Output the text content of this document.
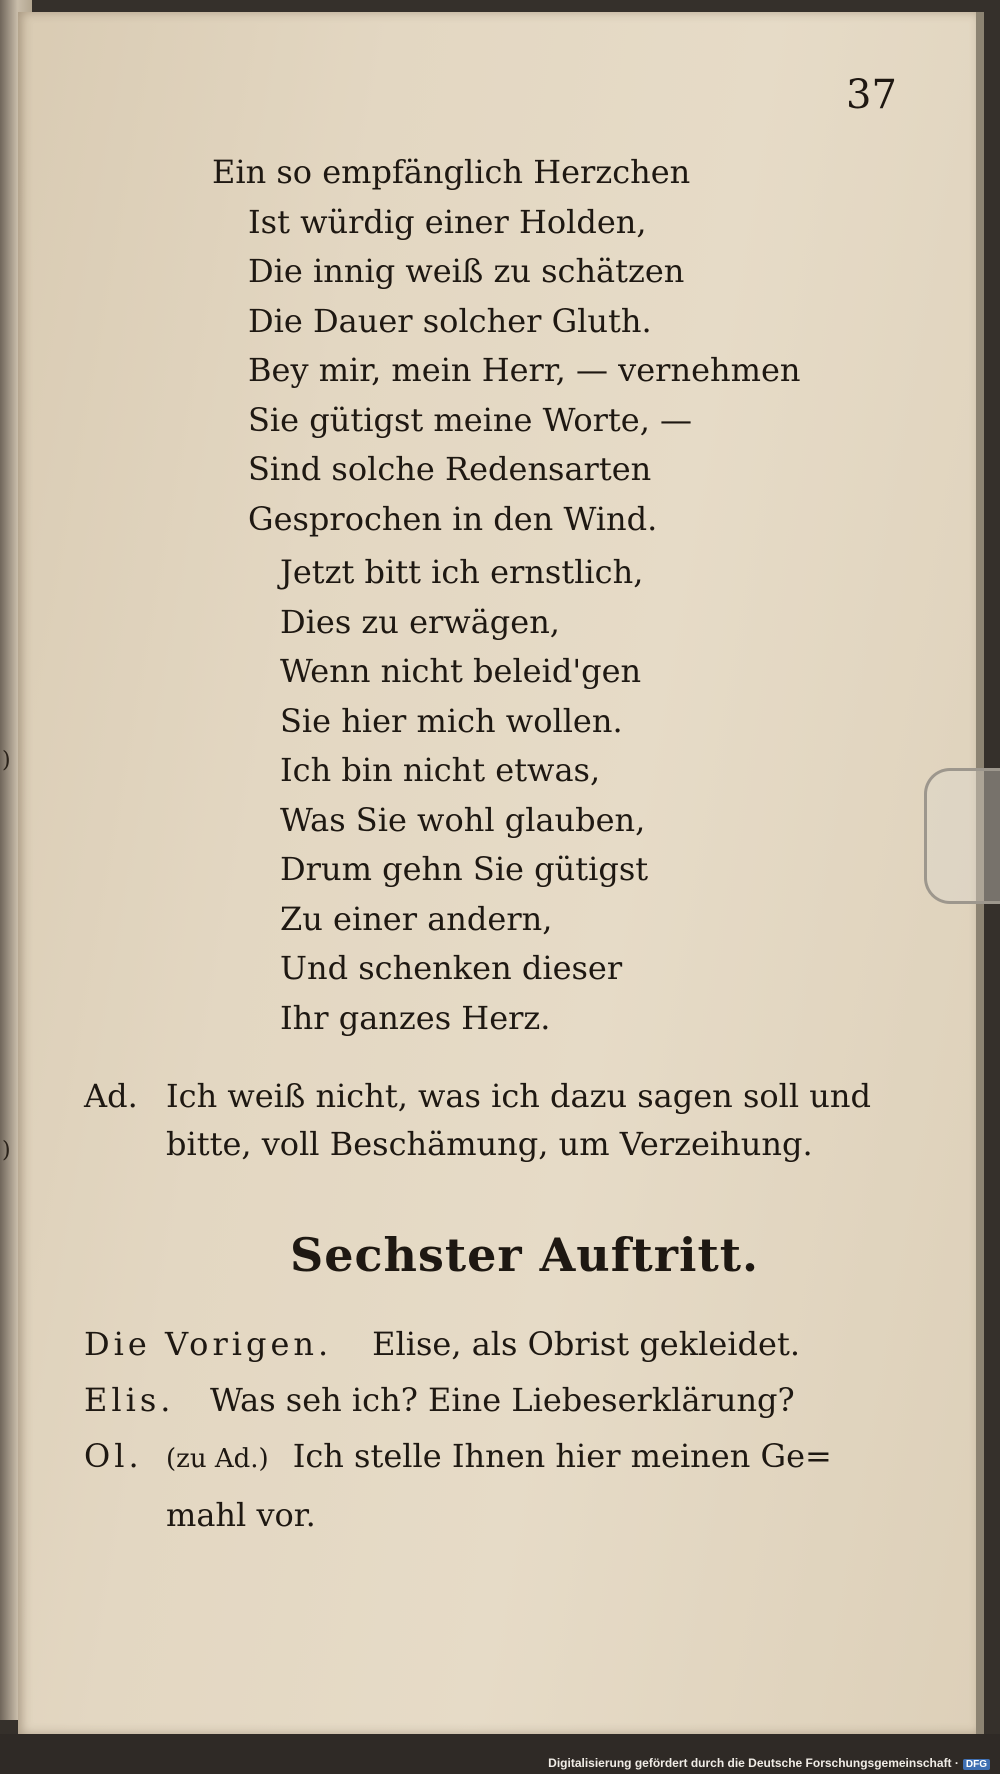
)
)
37
Ein so empfänglich Herzchen
Ist würdig einer Holden,
Die innig weiß zu schätzen
Die Dauer solcher Gluth.
Bey mir, mein Herr, — vernehmen
Sie gütigst meine Worte, —
Sind solche Redensarten
Gesprochen in den Wind.
Jetzt bitt ich ernstlich,
Dies zu erwägen,
Wenn nicht beleid'gen
Sie hier mich wollen.
Ich bin nicht etwas,
Was Sie wohl glauben,
Drum gehn Sie gütigst
Zu einer andern,
Und schenken dieser
Ihr ganzes Herz.
Ad. Ich weiß nicht, was ich dazu sagen soll und
bitte, voll Beschämung, um Verzeihung.
Sechster Auftritt.
Die Vorigen. Elise, als Obrist gekleidet.
Elis. Was seh ich? Eine Liebeserklärung?
Ol. (zu Ad.) Ich stelle Ihnen hier meinen Ge=
mahl vor.
Digitalisierung gefördert durch die Deutsche Forschungsgemeinschaft · DFG
